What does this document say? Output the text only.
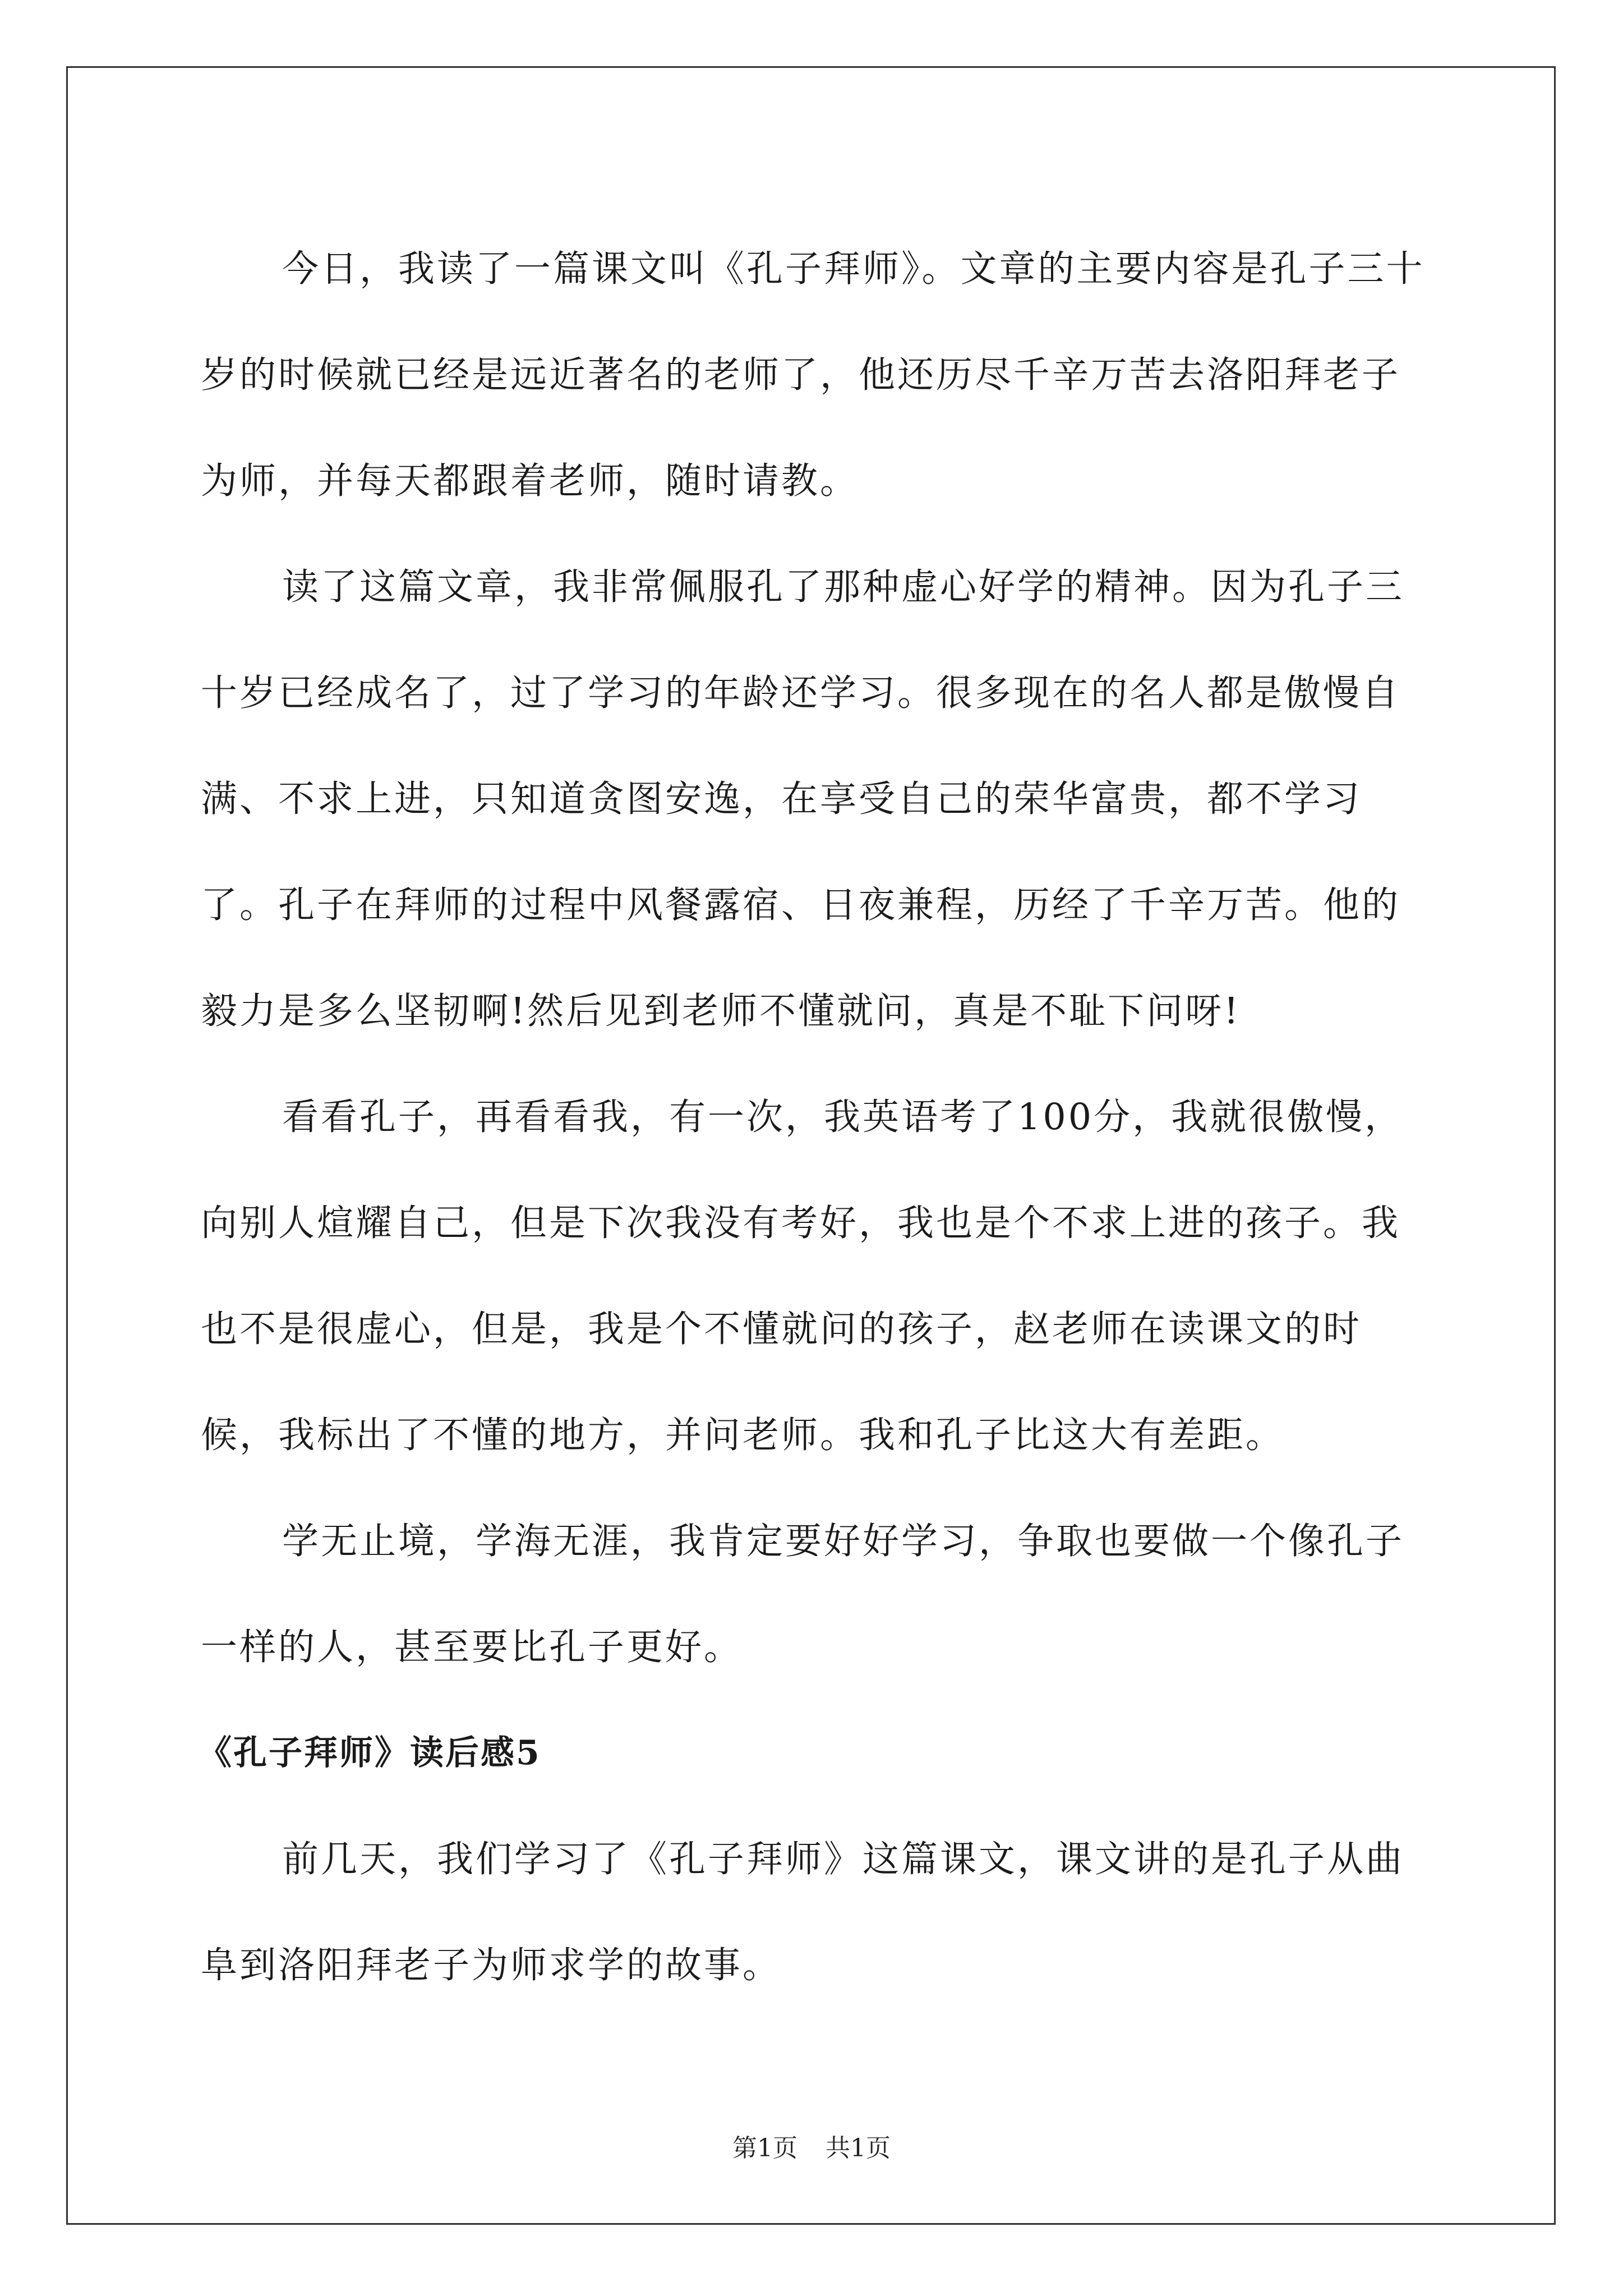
今日，我读了一篇课文叫《孔子拜师》。文章的主要内容是孔子三十岁的时候就已经是远近著名的老师了，他还历尽千辛万苦去洛阳拜老子为师，并每天都跟着老师，随时请教。

读了这篇文章，我非常佩服孔了那种虚心好学的精神。因为孔子三十岁已经成名了，过了学习的年龄还学习。很多现在的名人都是傲慢自满、不求上进，只知道贪图安逸，在享受自己的荣华富贵，都不学习了。孔子在拜师的过程中风餐露宿、日夜兼程，历经了千辛万苦。他的毅力是多么坚韧啊!然后见到老师不懂就问，真是不耻下问呀!

看看孔子，再看看我，有一次，我英语考了100分，我就很傲慢，向别人煊耀自己，但是下次我没有考好，我也是个不求上进的孩子。我也不是很虚心，但是，我是个不懂就问的孩子，赵老师在读课文的时候，我标出了不懂的地方，并问老师。我和孔子比这大有差距。

学无止境，学海无涯，我肯定要好好学习，争取也要做一个像孔子一样的人，甚至要比孔子更好。

《孔子拜师》读后感5

前几天，我们学习了《孔子拜师》这篇课文，课文讲的是孔子从曲阜到洛阳拜老子为师求学的故事。

第1页 共1页
